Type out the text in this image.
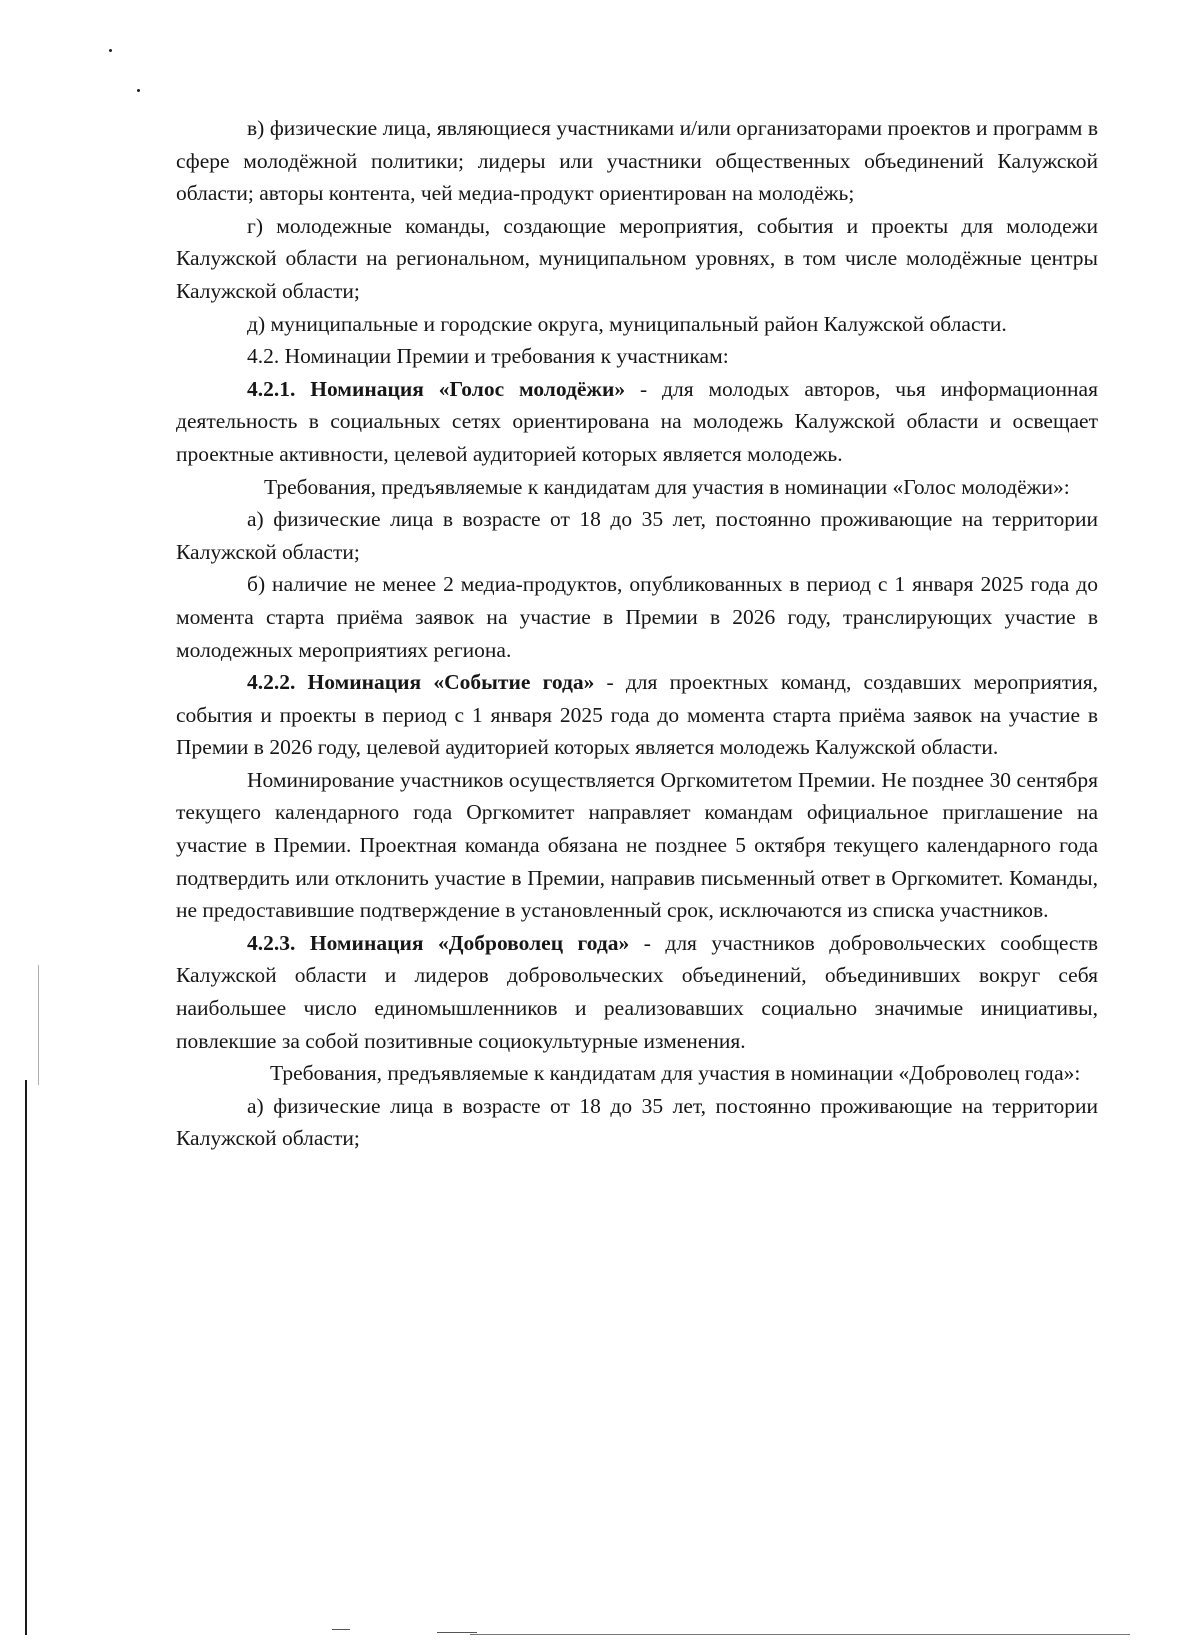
в) физические лица, являющиеся участниками и/или организаторами проектов и программ в сфере молодёжной политики; лидеры или участники общественных объединений Калужской области; авторы контента, чей медиа-продукт ориентирован на молодёжь;

г) молодежные команды, создающие мероприятия, события и проекты для молодежи Калужской области на региональном, муниципальном уровнях, в том числе молодёжные центры Калужской области;

д) муниципальные и городские округа, муниципальный район Калужской области.

4.2. Номинации Премии и требования к участникам:

4.2.1. Номинация «Голос молодёжи» - для молодых авторов, чья информационная деятельность в социальных сетях ориентирована на молодежь Калужской области и освещает проектные активности, целевой аудиторией которых является молодежь.

Требования, предъявляемые к кандидатам для участия в номинации «Голос молодёжи»:

а) физические лица в возрасте от 18 до 35 лет, постоянно проживающие на территории Калужской области;

б) наличие не менее 2 медиа-продуктов, опубликованных в период с 1 января 2025 года до момента старта приёма заявок на участие в Премии в 2026 году, транслирующих участие в молодежных мероприятиях региона.

4.2.2. Номинация «Событие года» - для проектных команд, создавших мероприятия, события и проекты в период с 1 января 2025 года до момента старта приёма заявок на участие в Премии в 2026 году, целевой аудиторией которых является молодежь Калужской области.

Номинирование участников осуществляется Оргкомитетом Премии. Не позднее 30 сентября текущего календарного года Оргкомитет направляет командам официальное приглашение на участие в Премии. Проектная команда обязана не позднее 5 октября текущего календарного года подтвердить или отклонить участие в Премии, направив письменный ответ в Оргкомитет. Команды, не предоставившие подтверждение в установленный срок, исключаются из списка участников.

4.2.3. Номинация «Доброволец года» - для участников добровольческих сообществ Калужской области и лидеров добровольческих объединений, объединивших вокруг себя наибольшее число единомышленников и реализовавших социально значимые инициативы, повлекшие за собой позитивные социокультурные изменения.

Требования, предъявляемые к кандидатам для участия в номинации «Доброволец года»:

а) физические лица в возрасте от 18 до 35 лет, постоянно проживающие на территории Калужской области;
